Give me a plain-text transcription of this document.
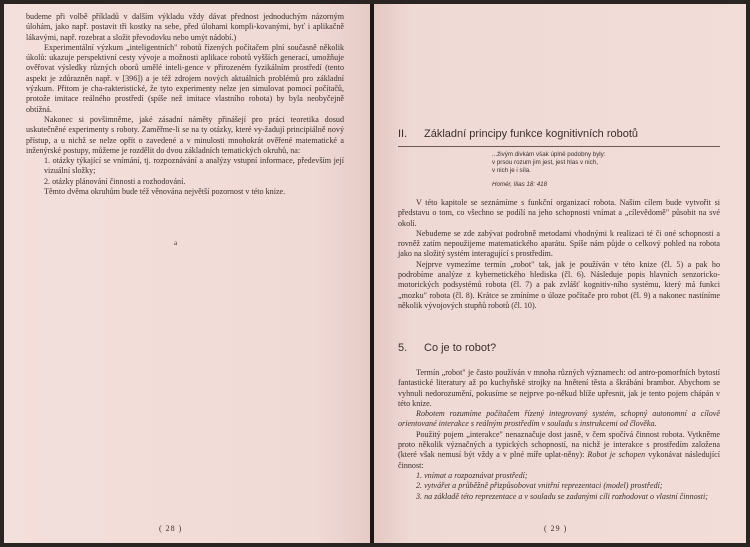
budeme při volbě příkladů v dalším výkladu vždy dávat přednost jednoduchým názorným úlohám, jako např. postavit tři kostky na sebe, před úlohami kompli-kovanými, byť i aplikačně lákavými, např. rozebrat a složit převodovku nebo umýt nádobí.)

Experimentální výzkum „inteligentních" robotů řízených počítačem plní současně několik úkolů: ukazuje perspektivní cesty vývoje a možnosti aplikace robotů vyšších generací, umožňuje ověřovat výsledky různých oborů umělé inteli-gence v přirozeném fyzikálním prostředí (tento aspekt je zdůrazněn např. v [396]) a je též zdrojem nových aktuálních problémů pro základní výzkum. Přitom je cha-rakteristické, že tyto experimenty nelze jen simulovat pomocí počítačů, protože imitace reálného prostředí (spíše než imitace vlastního robota) by byla neobyčejně obtížná.

Nakonec si povšimněme, jaké zásadní náměty přinášejí pro práci teoretika dosud uskutečněné experimenty s roboty. Zaměřme-li se na ty otázky, které vy-žadují principiálně nový přístup, a u nichž se nelze opřít o zavedené a v minulosti mnohokrát ověřené matematické a inženýrské postupy, můžeme je rozdělit do dvou základních tematických okruhů, na:

1. otázky týkající se vnímání, tj. rozpoznávání a analýzy vstupní informace, především její vizuální složky;

2. otázky plánování činnosti a rozhodování.

Těmto dvěma okruhům bude též věnována největší pozornost v této knize.

a
( 28 )
II. Základní principy funkce kognitivních robotů
...živým divkám však úplně podobny byly:
v prsou rozum jim jest, jest hlas v nich,
v nich je i síla.
Homér, Ilias 18: 418

V této kapitole se seznámíme s funkční organizací robota. Našim cílem bude vytvořit si představu o tom, co všechno se podílí na jeho schopnosti vnímat a „cílevědomě" působit na své okolí.

Nebudeme se zde zabývat podrobně metodami vhodnými k realizaci té či oné schopnosti a rovněž zatím nepoužijeme matematického aparátu. Spíše nám půjde o celkový pohled na robota jako na složitý systém interagující s prostředím.

Nejprve vymezíme termín „robot" tak, jak je používán v této knize (čl. 5) a pak ho podrobíme analýze z kybernetického hlediska (čl. 6). Následuje popis hlavních senzoricko-motorických podsystémů robota (čl. 7) a pak zvlášť kognitiv-ního systému, který má funkci „mozku" robota (čl. 8). Krátce se zmíníme o úloze počítače pro robot (čl. 9) a nakonec nastíníme několik vývojových stupňů robotů (čl. 10).

5. Co je to robot?

Termín „robot" je často používán v mnoha různých významech: od antro-pomorfních bytostí fantastické literatury až po kuchyňské strojky na hnětení těsta a škrábání brambor. Abychom se vyhnuli nedorozumění, pokusíme se nejprve po-někud blíže upřesnit, jak je tento pojem chápán v této knize.

Robotem rozumíme počítačem řízený integrovaný systém, schopný autonomní a cílově orientované interakce s reálným prostředím v souladu s instrukcemi od člověka.

Použitý pojem „interakce" nenaznačuje dost jasně, v čem spočívá činnost robota. Vytkněme proto několik význačných a typických schopností, na nichž je interakce s prostředím založena (které však nemusí být vždy a v plné míře uplat-něny): Robot je schopen vykonávat následující činnost:

1. vnímat a rozpoznávat prostředí;

2. vytvářet a průběžně přizpůsobovat vnitřní reprezentaci (model) prostředí;

3. na základě této reprezentace a v souladu se zadanými cíli rozhodovat o vlastní činnosti;

( 29 )
